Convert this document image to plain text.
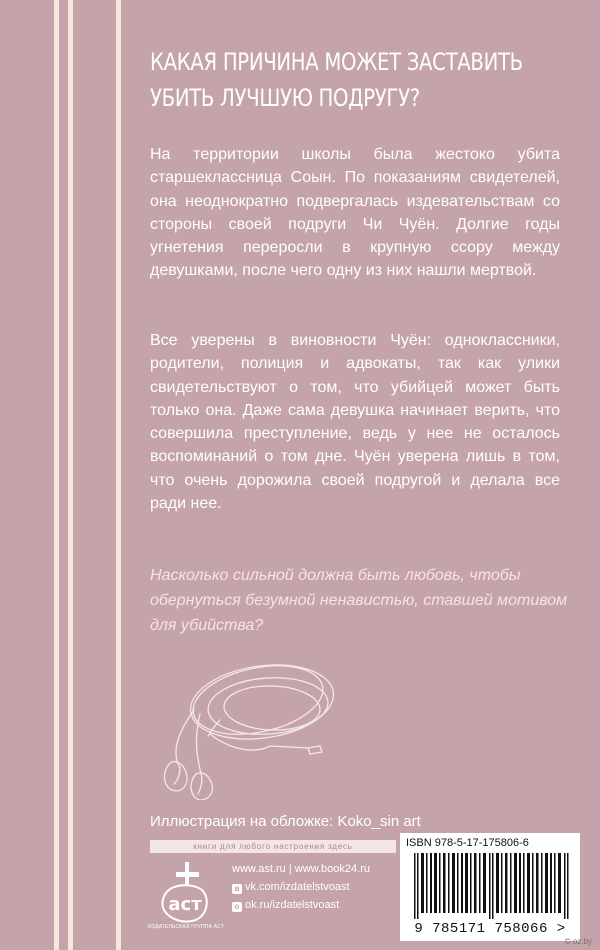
КАКАЯ ПРИЧИНА МОЖЕТ ЗАСТАВИТЬ УБИТЬ ЛУЧШУЮ ПОДРУГУ?

На территории школы была жестоко убита старшеклассница Соын. По показаниям свидетелей, она неоднократно подвергалась издевательствам со стороны своей подруги Чи Чуён. Долгие годы угнетения переросли в крупную ссору между девушками, после чего одну из них нашли мертвой.

Все уверены в виновности Чуён: одноклассники, родители, полиция и адвокаты, так как улики свидетельствуют о том, что убийцей может быть только она. Даже сама девушка начинает верить, что совершила преступление, ведь у нее не осталось воспоминаний о том дне. Чуён уверена лишь в том, что очень дорожила своей подругой и делала все ради нее.

Насколько сильной должна быть любовь, чтобы обернуться безумной ненавистью, ставшей мотивом для убийства?

Иллюстрация на обложке: Koko_sin art
книги для любого настроения здесь
аст
ИЗДАТЕЛЬСКАЯ ГРУППА АСТ
www.ast.ru | www.book24.ru
в vk.com/izdatelstvoast
о ok.ru/izdatelstvoast
ISBN 978-5-17-175806-6
9 785171 758066 >
© oz.by
